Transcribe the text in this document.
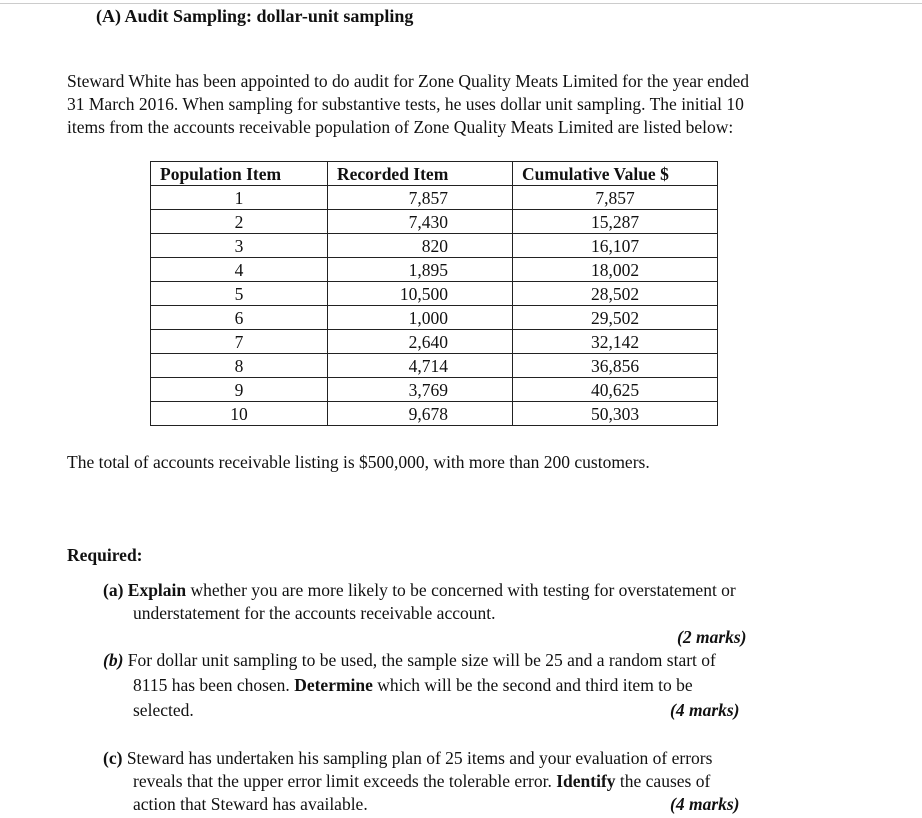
(A) Audit Sampling: dollar-unit sampling
Steward White has been appointed to do audit for Zone Quality Meats Limited for the year ended
31 March 2016. When sampling for substantive tests, he uses dollar unit sampling. The initial 10
items from the accounts receivable population of Zone Quality Meats Limited are listed below:
Population Item	Recorded Item	Cumulative Value $
1	7,857	7,857
2	7,430	15,287
3	820	16,107
4	1,895	18,002
5	10,500	28,502
6	1,000	29,502
7	2,640	32,142
8	4,714	36,856
9	3,769	40,625
10	9,678	50,303
The total of accounts receivable listing is $500,000, with more than 200 customers.
Required:
(a) Explain whether you are more likely to be concerned with testing for overstatement or
understatement for the accounts receivable account.
(2 marks)
(b) For dollar unit sampling to be used, the sample size will be 25 and a random start of
8115 has been chosen. Determine which will be the second and third item to be
selected.	(4 marks)
(c) Steward has undertaken his sampling plan of 25 items and your evaluation of errors
reveals that the upper error limit exceeds the tolerable error. Identify the causes of
action that Steward has available.	(4 marks)
